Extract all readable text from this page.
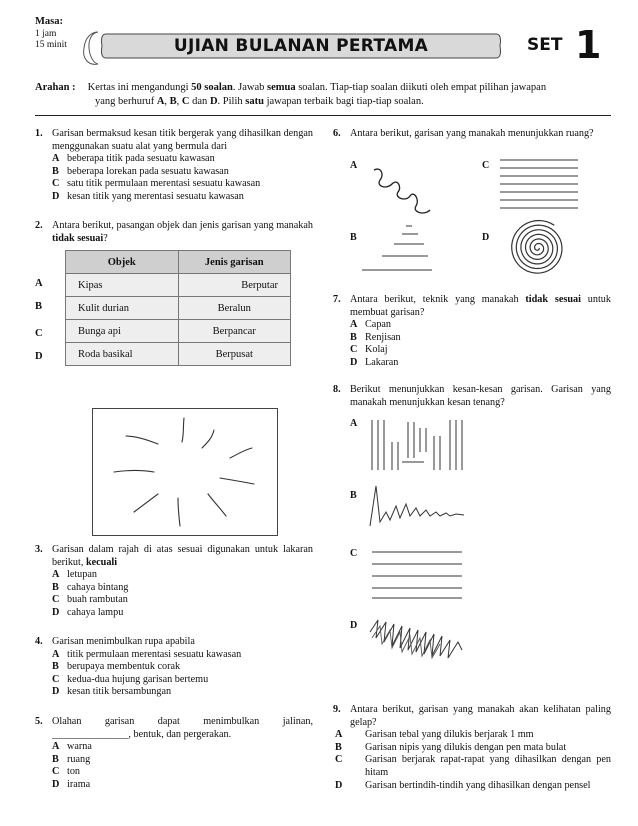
Masa:
1 jam
15 minit	UJIAN BULANAN PERTAMA	SET 1
Arahan : Kertas ini mengandungi 50 soalan. Jawab semua soalan. Tiap-tiap soalan diikuti oleh empat pilihan jawapan
yang berhuruf A, B, C dan D. Pilih satu jawapan terbaik bagi tiap-tiap soalan.
1. Garisan bermaksud kesan titik bergerak yang dihasilkan dengan menggunakan suatu alat yang bermula dari
A beberapa titik pada sesuatu kawasan
B beberapa lorekan pada sesuatu kawasan
C satu titik permulaan merentasi sesuatu kawasan
D kesan titik yang merentasi sesuatu kawasan
2. Antara berikut, pasangan objek dan jenis garisan yang manakah tidak sesuai?
A
B
C
D
Objek	Jenis garisan
Kipas	Berputar
Kulit durian	Beralun
Bunga api	Berpancar
Roda basikal	Berpusat
3. Garisan dalam rajah di atas sesuai digunakan untuk lakaran berikut, kecuali
A letupan
B cahaya bintang
C buah rambutan
D cahaya lampu
4. Garisan menimbulkan rupa apabila
A titik permulaan merentasi sesuatu kawasan
B berupaya membentuk corak
C kedua-dua hujung garisan bertemu
D kesan titik bersambungan
5. Olahan garisan dapat menimbulkan jalinan,
_______________, bentuk, dan pergerakan.
A warna
B ruang
C ton
D irama
6. Antara berikut, garisan yang manakah menunjukkan ruang?
A	C
B	D
7. Antara berikut, teknik yang manakah tidak sesuai untuk membuat garisan?
A Capan
B Renjisan
C Kolaj
D Lakaran
8. Berikut menunjukkan kesan-kesan garisan. Garisan yang manakah menunjukkan kesan tenang?
A
B
C
D
9. Antara berikut, garisan yang manakah akan kelihatan paling gelap?
A Garisan tebal yang dilukis berjarak 1 mm
B Garisan nipis yang dilukis dengan pen mata bulat
C Garisan berjarak rapat-rapat yang dihasilkan dengan pen hitam
D Garisan bertindih-tindih yang dihasilkan dengan pensel
